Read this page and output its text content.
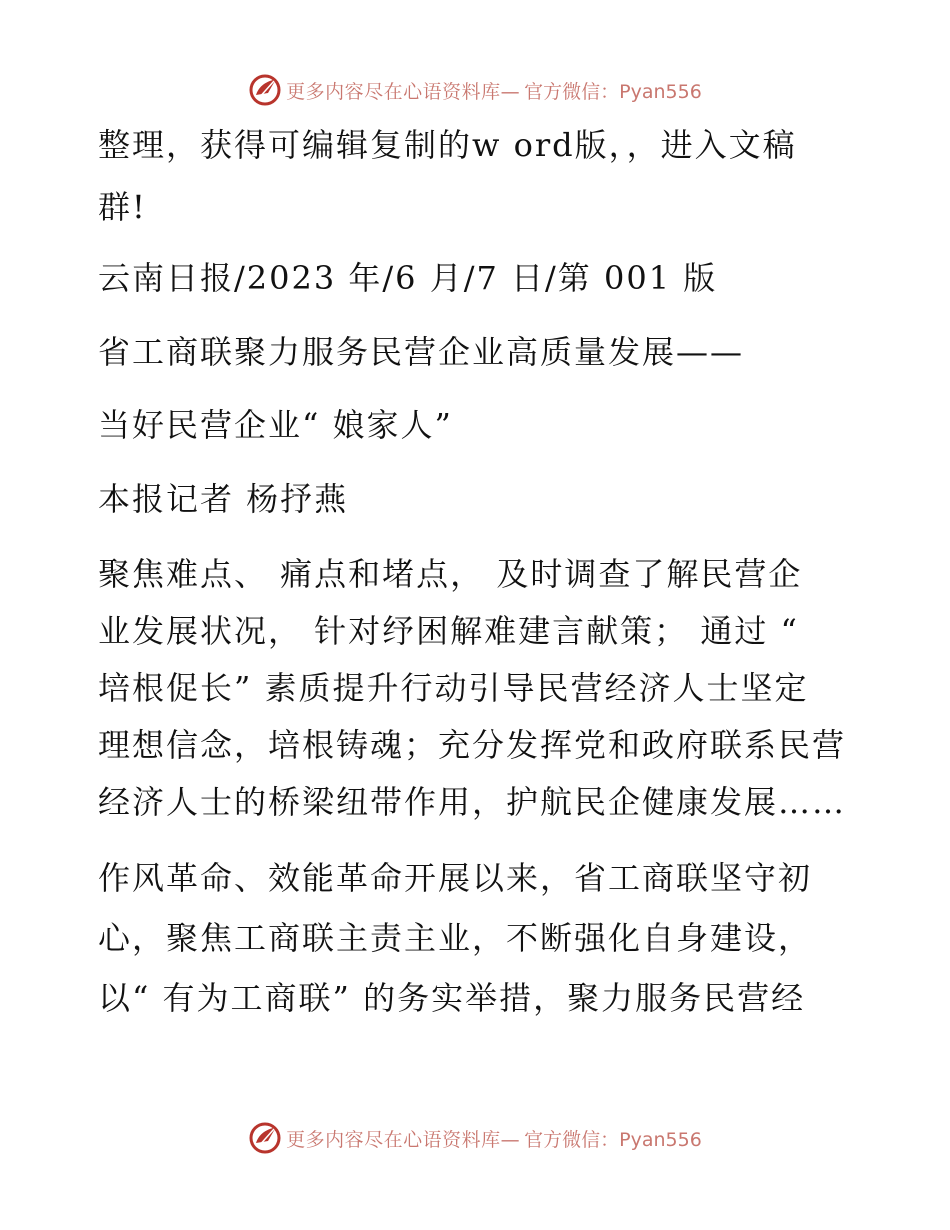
更多内容尽在心语资料库— 官方微信：Pyan556

整理，获得可编辑复制的w ord版，，进入文稿

群!

云南日报/2023 年/6 月/7 日/第 001 版

省工商联聚力服务民营企业高质量发展——

当好民营企业“ 娘家人”

本报记者 杨抒燕

聚焦难点、 痛点和堵点， 及时调查了解民营企

业发展状况， 针对纾困解难建言献策； 通过 “

培根促长” 素质提升行动引导民营经济人士坚定

理想信念，培根铸魂；充分发挥党和政府联系民营

经济人士的桥梁纽带作用，护航民企健康发展……

作风革命、效能革命开展以来，省工商联坚守初

心，聚焦工商联主责主业，不断强化自身建设，

以“ 有为工商联” 的务实举措，聚力服务民营经

更多内容尽在心语资料库— 官方微信：Pyan556
